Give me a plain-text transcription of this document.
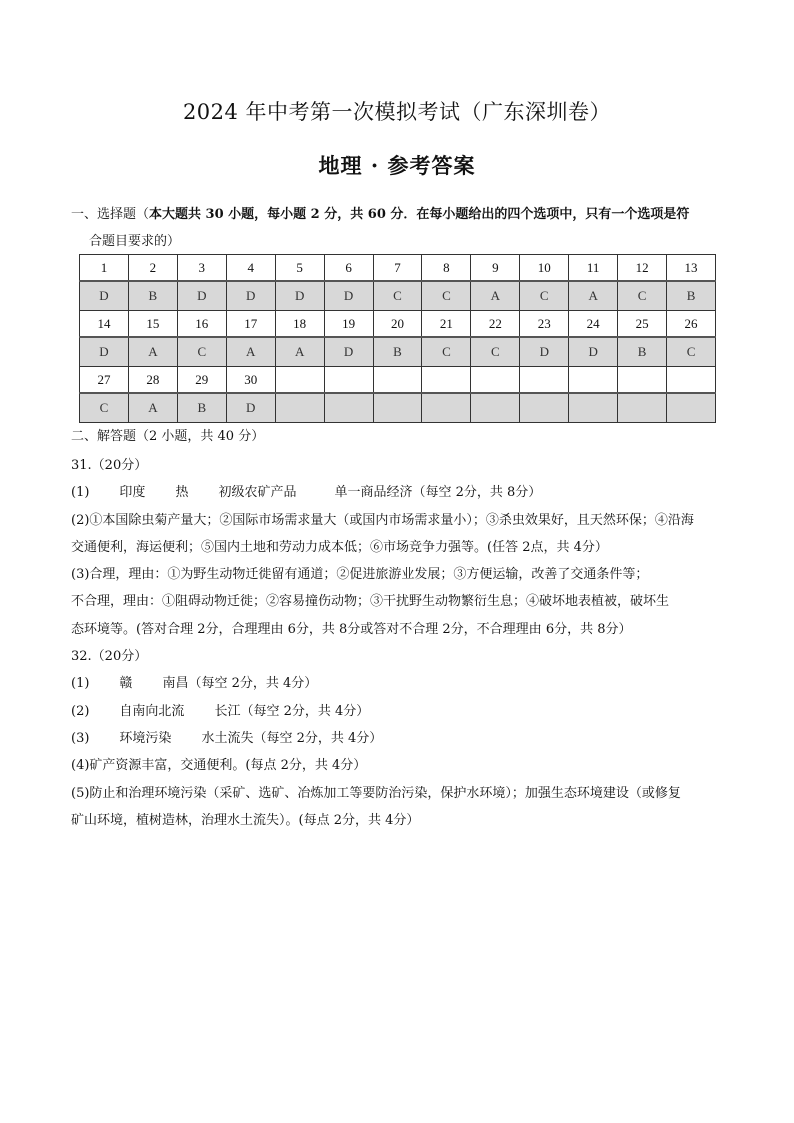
2024 年中考第一次模拟考试（广东深圳卷）
地理 · 参考答案
一、选择题（本大题共 30 小题，每小题 2 分，共 60 分．在每小题给出的四个选项中，只有一个选项是符
合题目要求的）
1	2	3	4	5	6	7	8	9	10	11	12	13
D	B	D	D	D	D	C	C	A	C	A	C	B
14	15	16	17	18	19	20	21	22	23	24	25	26
D	A	C	A	A	D	B	C	C	D	D	B	C
27	28	29	30									
C	A	B	D									
二、解答题（2 小题，共 40 分）
31.（20分）
(1) 印度 热 初级农矿产品	单一商品经济（每空 2分，共 8分）
(2)①本国除虫菊产量大；②国际市场需求量大（或国内市场需求量小）；③杀虫效果好，且天然环保；④沿海
交通便利，海运便利；⑤国内土地和劳动力成本低；⑥市场竞争力强等。(任答 2点，共 4分）
(3)合理，理由：①为野生动物迁徙留有通道；②促进旅游业发展；③方便运输，改善了交通条件等；
不合理，理由：①阻碍动物迁徙；②容易撞伤动物；③干扰野生动物繁衍生息；④破坏地表植被，破坏生
态环境等。(答对合理 2分，合理理由 6分，共 8分或答对不合理 2分，不合理理由 6分，共 8分）
32.（20分）
(1) 赣 南昌（每空 2分，共 4分）
(2) 自南向北流 长江（每空 2分，共 4分）
(3) 环境污染 水土流失（每空 2分，共 4分）
(4)矿产资源丰富，交通便利。(每点 2分，共 4分）
(5)防止和治理环境污染（采矿、选矿、冶炼加工等要防治污染，保护水环境）；加强生态环境建设（或修复
矿山环境，植树造林，治理水土流失）。(每点 2分，共 4分）
